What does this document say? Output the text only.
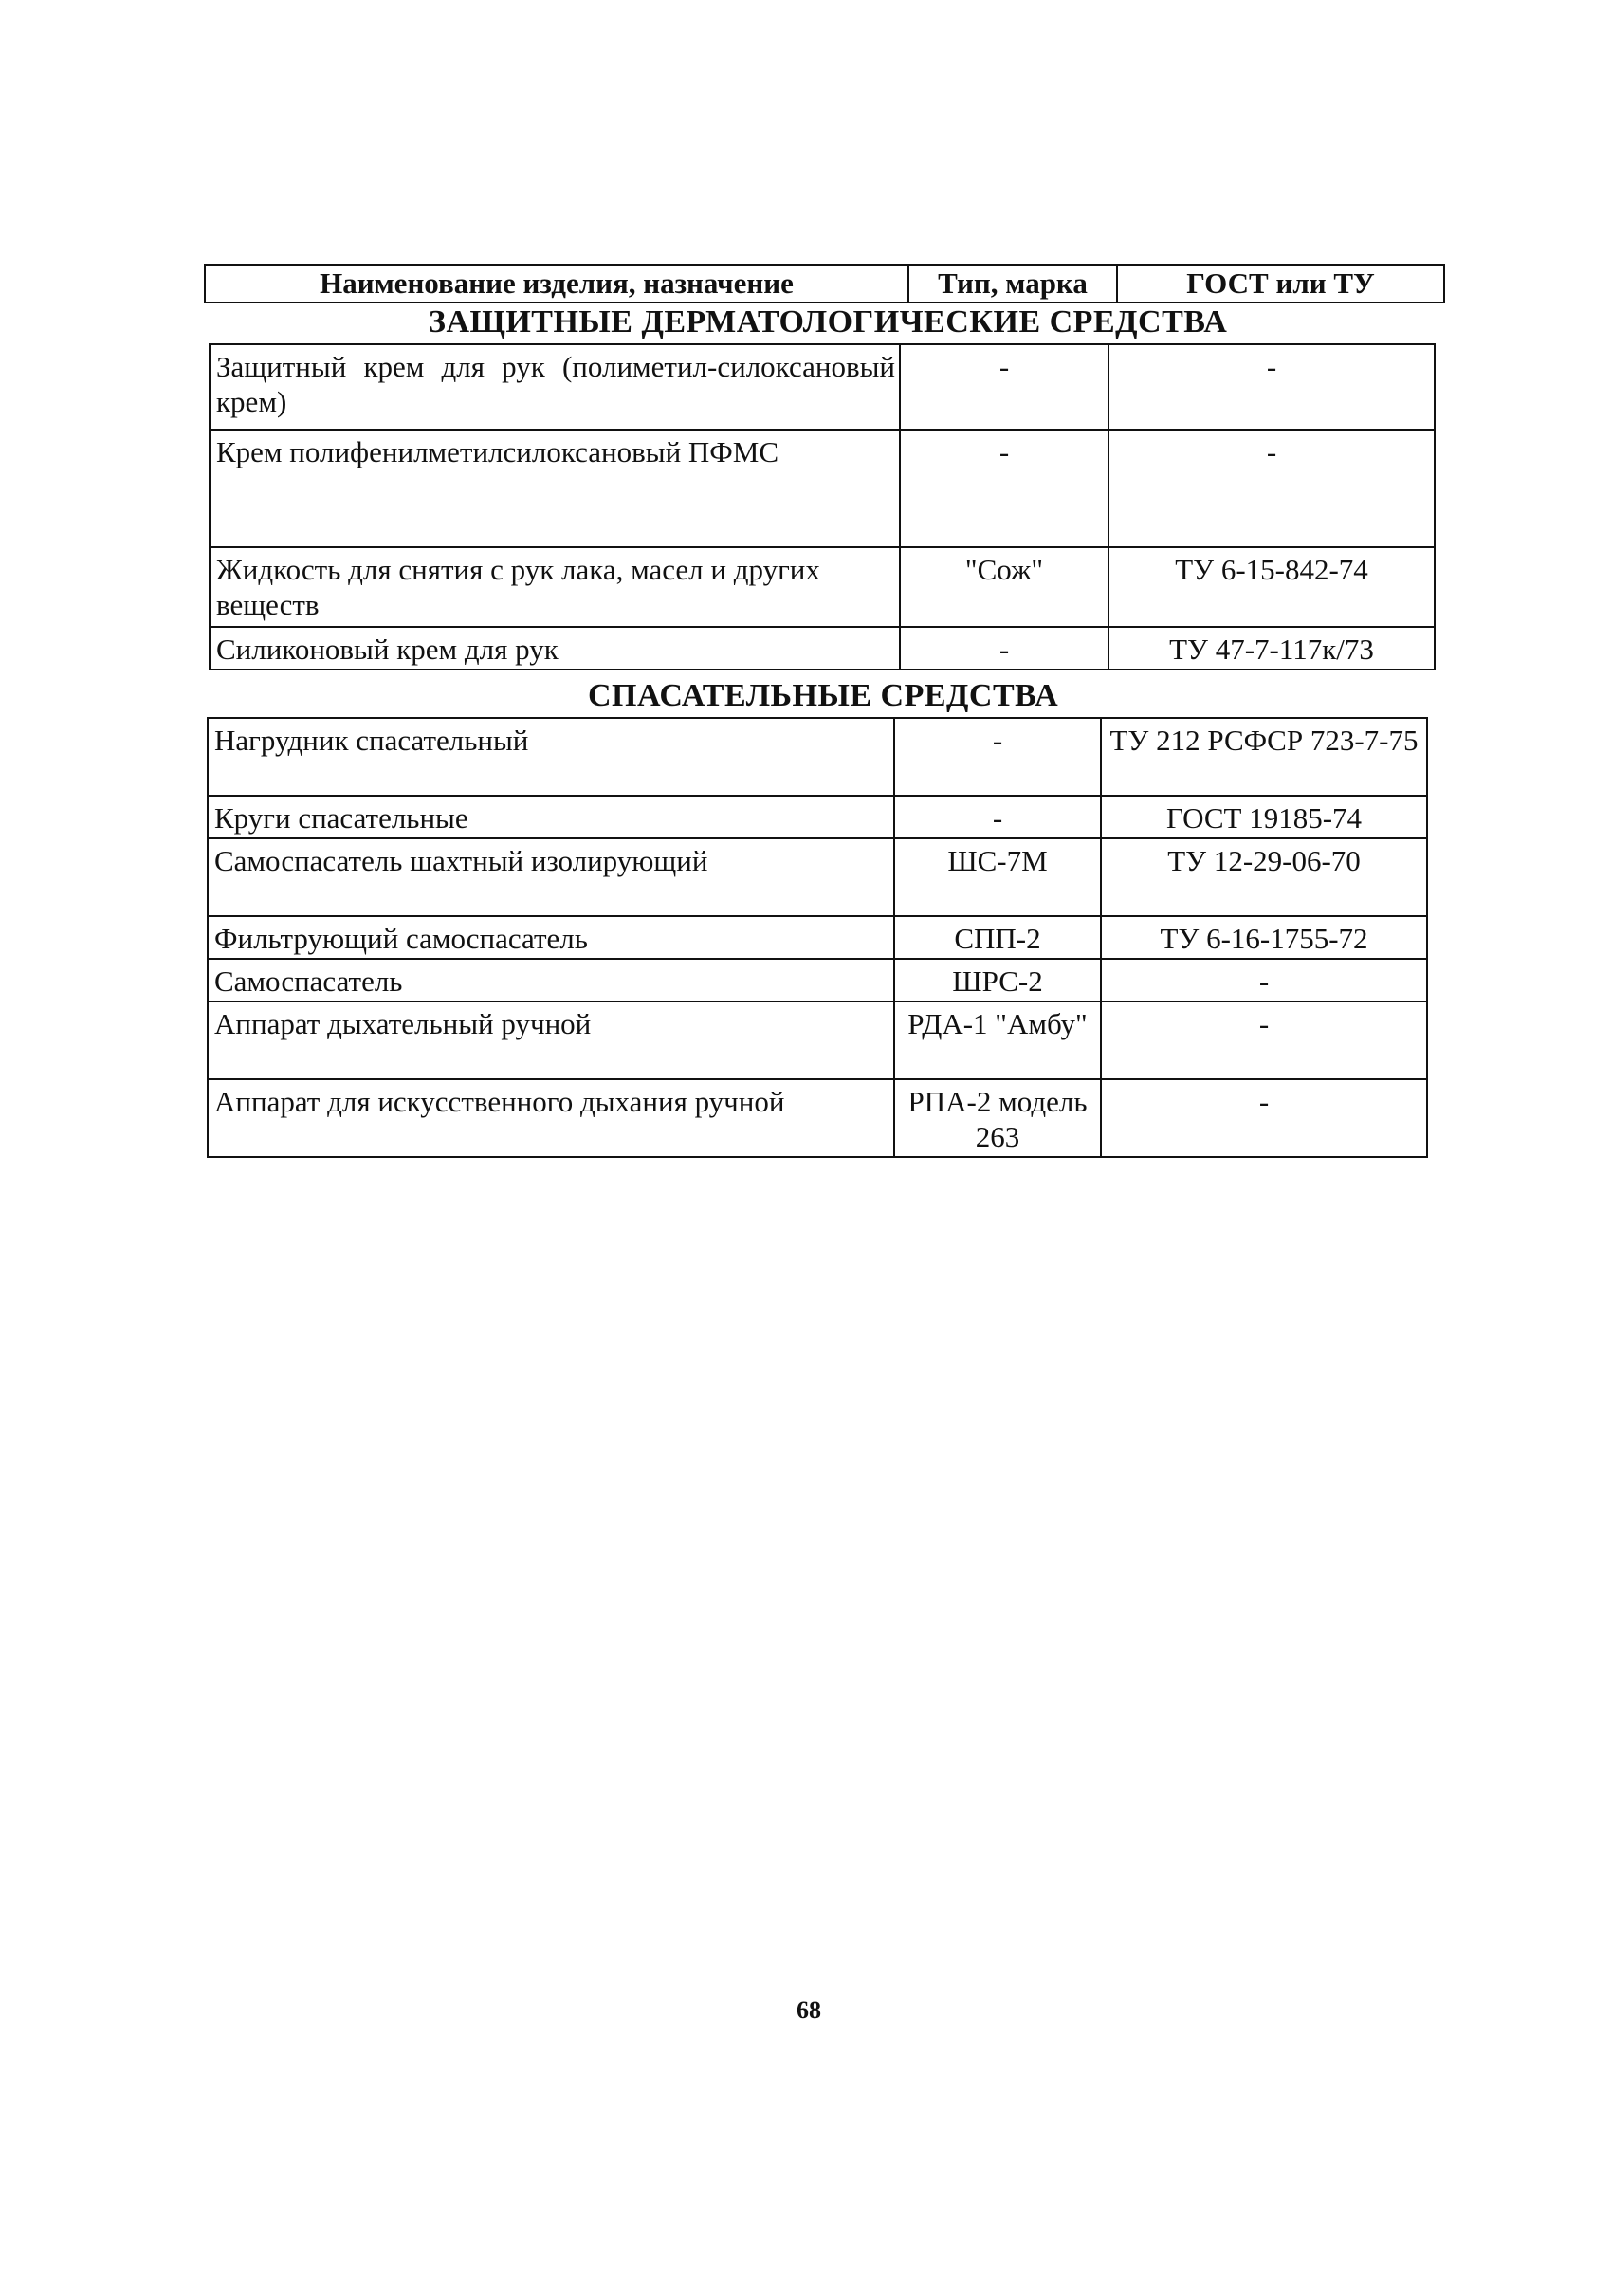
Наименование изделия, назначение	Тип, марка	ГОСТ или ТУ
ЗАЩИТНЫЕ ДЕРМАТОЛОГИЧЕСКИЕ СРЕДСТВА
Защитный крем для рук (полиметил-силоксановый крем)	-	-
Крем полифенилметилсилоксановый ПФМС	-	-
Жидкость для снятия с рук лака, масел и других веществ	"Сож"	ТУ 6-15-842-74
Силиконовый крем для рук	-	ТУ 47-7-117к/73
СПАСАТЕЛЬНЫЕ СРЕДСТВА
Нагрудник спасательный	-	ТУ 212 РСФСР 723-7-75
Круги спасательные	-	ГОСТ 19185-74
Самоспасатель шахтный изолирующий	ШС-7М	ТУ 12-29-06-70
Фильтрующий самоспасатель	СПП-2	ТУ 6-16-1755-72
Самоспасатель	ШРС-2	-
Аппарат дыхательный ручной	РДА-1 "Амбу"	-
Аппарат для искусственного дыхания ручной	РПА-2 модель 263	-
68
